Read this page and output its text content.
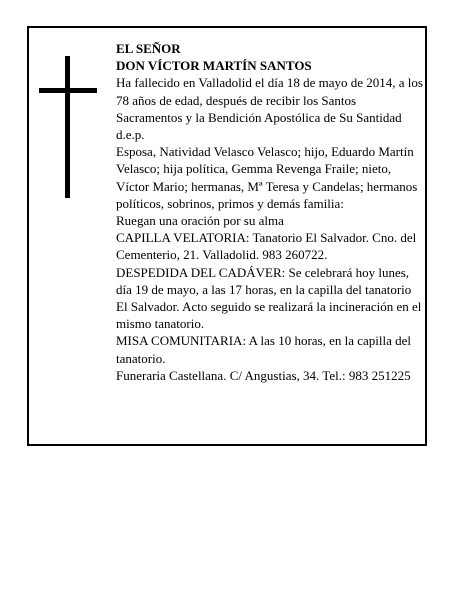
EL SEÑOR

DON VÍCTOR MARTÍN SANTOS

Ha fallecido en Valladolid el día 18 de mayo de 2014, a los 78 años de edad, después de recibir los Santos Sacramentos y la Bendición Apostólica de Su Santidad d.e.p.

Esposa, Natividad Velasco Velasco; hijo, Eduardo Martín Velasco; hija política, Gemma Revenga Fraile; nieto, Víctor Mario; hermanas, Mª Teresa y Candelas; hermanos políticos, sobrinos, primos y demás familia:

Ruegan una oración por su alma

CAPILLA VELATORIA: Tanatorio El Salvador. Cno. del Cementerio, 21. Valladolid. 983 260722.

DESPEDIDA DEL CADÁVER: Se celebrará hoy lunes, día 19 de mayo, a las 17 horas, en la capilla del tanatorio El Salvador. Acto seguido se realizará la incineración en el mismo tanatorio.

MISA COMUNITARIA: A las 10 horas, en la capilla del tanatorio.

Funeraria Castellana. C/ Angustias, 34. Tel.: 983 251225
